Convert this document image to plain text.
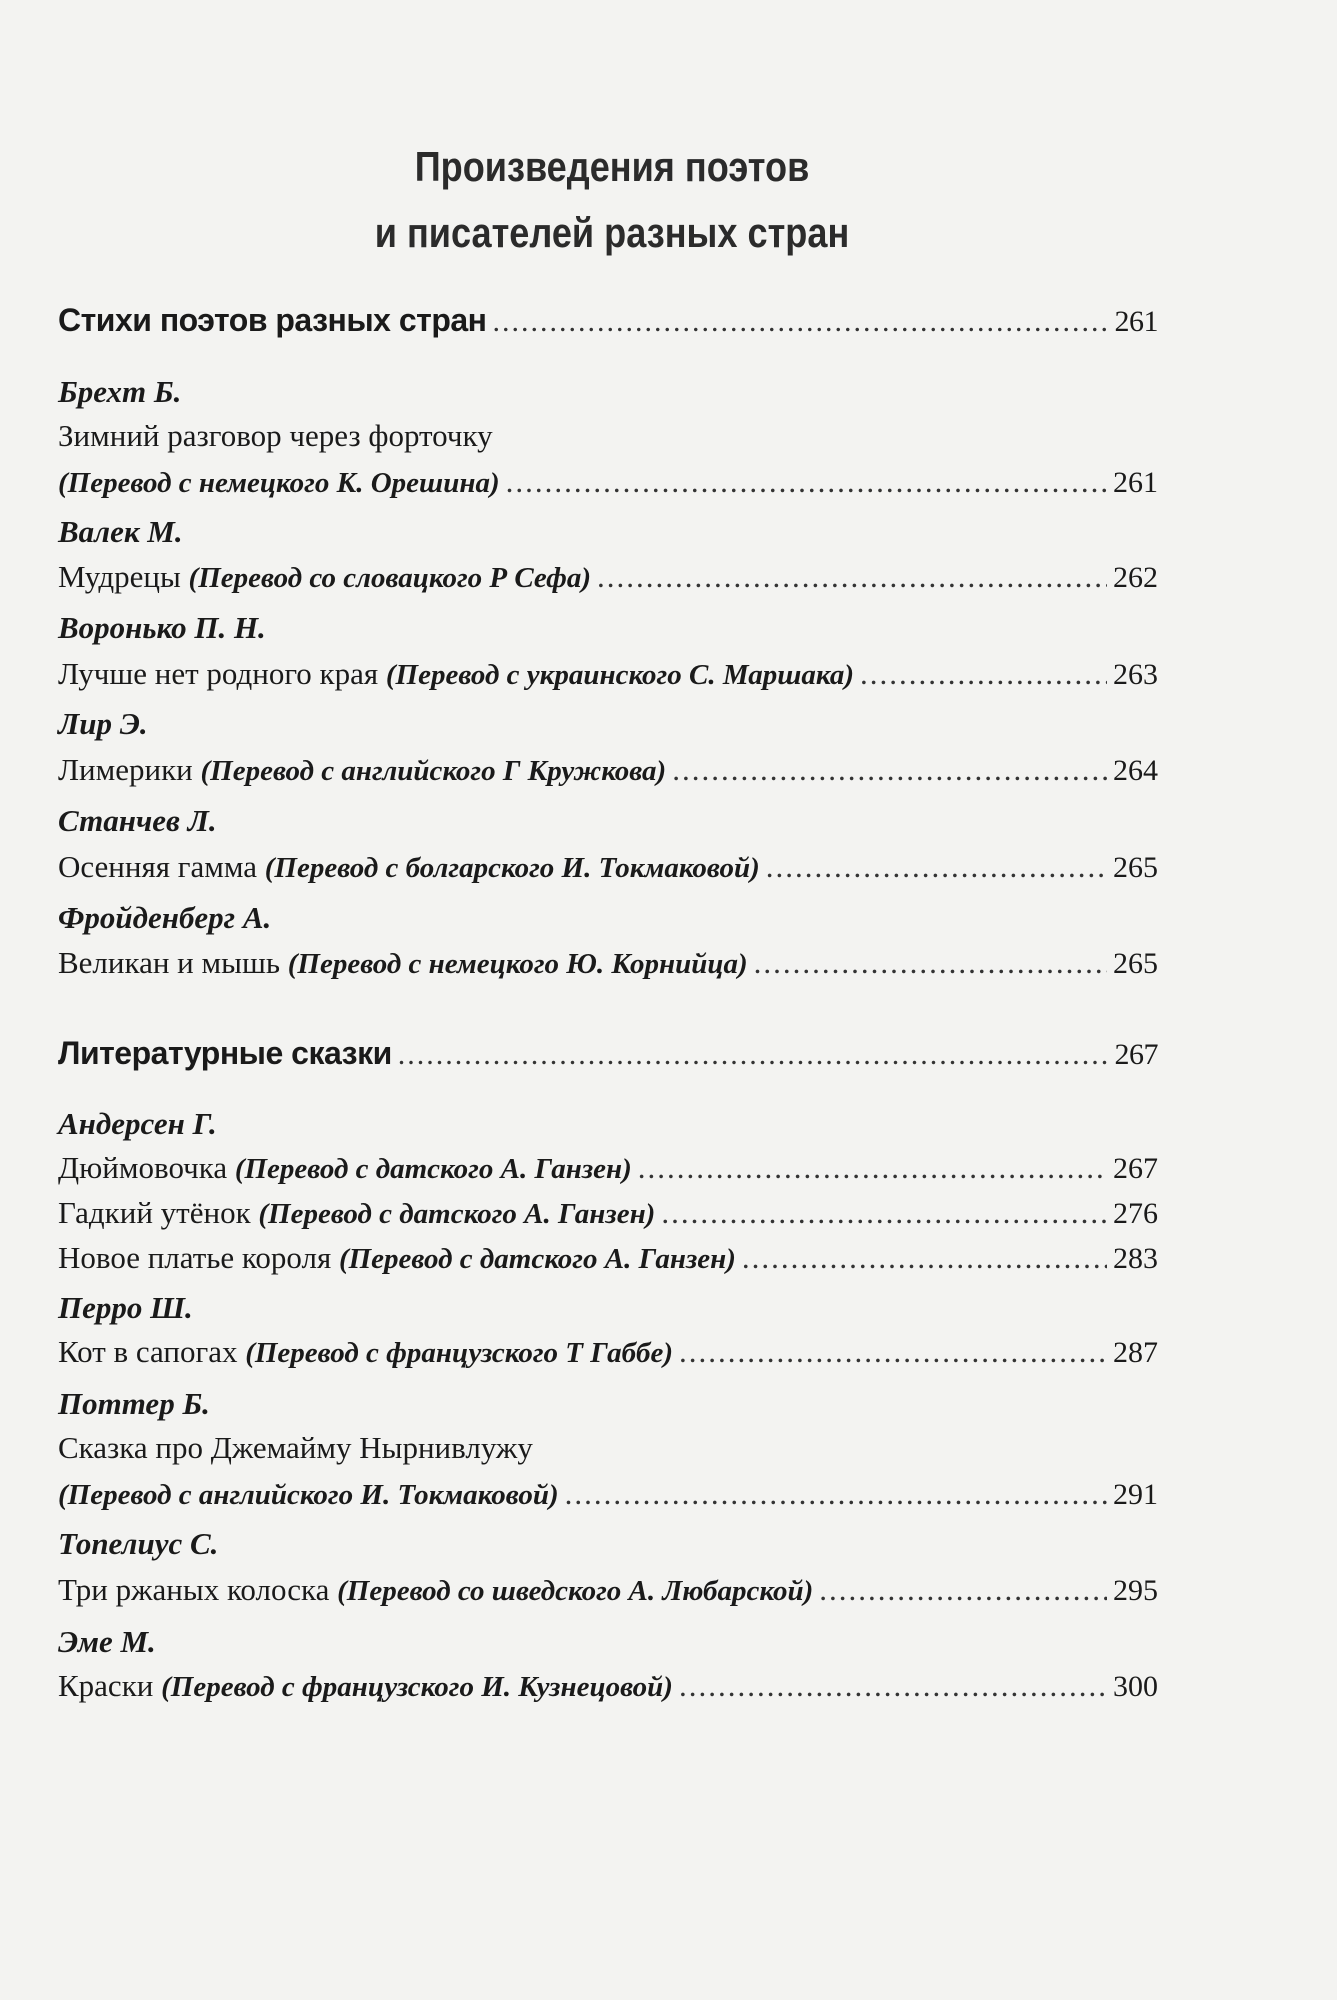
Произведения поэтов
и писателей разных стран
Стихи поэтов разных стран .....	261
Брехт Б.
Зимний разговор через форточку
(Перевод с немецкого К. Орешина) .....	261
Валек М.
Мудрецы (Перевод со словацкого Р Сефа) .....	262
Воронько П. Н.
Лучше нет родного края (Перевод с украинского С. Маршака) .....	263
Лир Э.
Лимерики (Перевод с английского Г Кружкова) .....	264
Станчев Л.
Осенняя гамма (Перевод с болгарского И. Токмаковой) .....	265
Фройденберг А.
Великан и мышь (Перевод с немецкого Ю. Корнийца) .....	265
Литературные сказки .....	267
Андерсен Г.
Дюймовочка (Перевод с датского А. Ганзен) .....	267
Гадкий утёнок (Перевод с датского А. Ганзен) .....	276
Новое платье короля (Перевод с датского А. Ганзен) .....	283
Перро Ш.
Кот в сапогах (Перевод с французского Т Габбе) .....	287
Поттер Б.
Сказка про Джемайму Нырнивлужу
(Перевод с английского И. Токмаковой) .....	291
Топелиус С.
Три ржаных колоска (Перевод со шведского А. Любарской) .....	295
Эме М.
Краски (Перевод с французского И. Кузнецовой) .....	300
